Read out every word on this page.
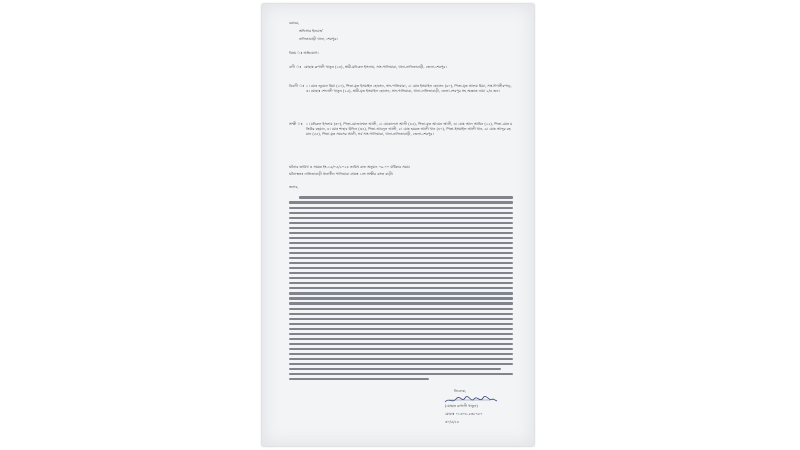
বরাবর,
অফিসার ইনচার্জ
নালিতাবাড়ী থানা, শেরপুর।
বিষয় ঃ অভিযোগ।
বাদী ঃ মোছাঃ রূপালী খাতুন (২৪), স্বামী-মনিরুল ইসলাম, সাং-পালিয়ারা, থানা-নালিতাবাড়ী, জেলা-শেরপুর।
বিবাদী ঃ ১। মোঃ জুয়েল মিয়া (২৭), পিতা-মৃত ইসমাইল হোসেন, সাং-পালিয়ারা, ২। মোঃ ইসমাইল হোসেন (৬০), পিতা-মৃত আলম মিয়া, সাং-দিগলীরপাড়, ৩। মোছাঃ শেফালী খাতুন (২৫), স্বামী-মৃত ইসমাইল হোসেন, সাং-পালিয়ারা, থানা-নালিতাবাড়ী, জেলা-শেরপুর সহ অজ্ঞাত নামা ২/৩ জন।
সাক্ষী ঃ ১। মনিরুল ইসলাম (৩০), পিতা-মোজাম্মেল আলী, ২। মোকাদ্দেস আলী (৪৫), পিতা-মৃত আয়েন আলী, ৩। মোঃ আল আমিন (২২), পিতা-মোঃ মতিউর রহমান, ৪। মোঃ শাহাব উদ্দিন (৩৫), পিতা-আবদুল আলী, ৫। মোঃ হযরত আলী খান (৪০), পিতা-ইসমাইল আলী খান, ৬। মোঃ আব্দুর রহমান (৫৫), পিতা-মৃত সমসের আলী, সর্ব সাং-পালিয়ারা, থানা-নালিতাবাড়ী, জেলা-শেরপুর।
ঘটনার তারিখ ও সময়ঃ ইং-১৬/০৫/২০২৪ তারিখ রাত অনুমান ০৯.০০ ঘটিকার সময়।
ঘটনাস্থলঃ নালিতাবাড়ী থানাধীন পালিয়ারা গ্রামস্থ ১নং সাক্ষীর বসত বাড়ী।
জনাব,
নিবেদক,
(মোছাঃ রূপালী খাতুন)
মোবাঃ ০১৩০৮-৫৩৮৭৮৭
৩০/৫/২৪
